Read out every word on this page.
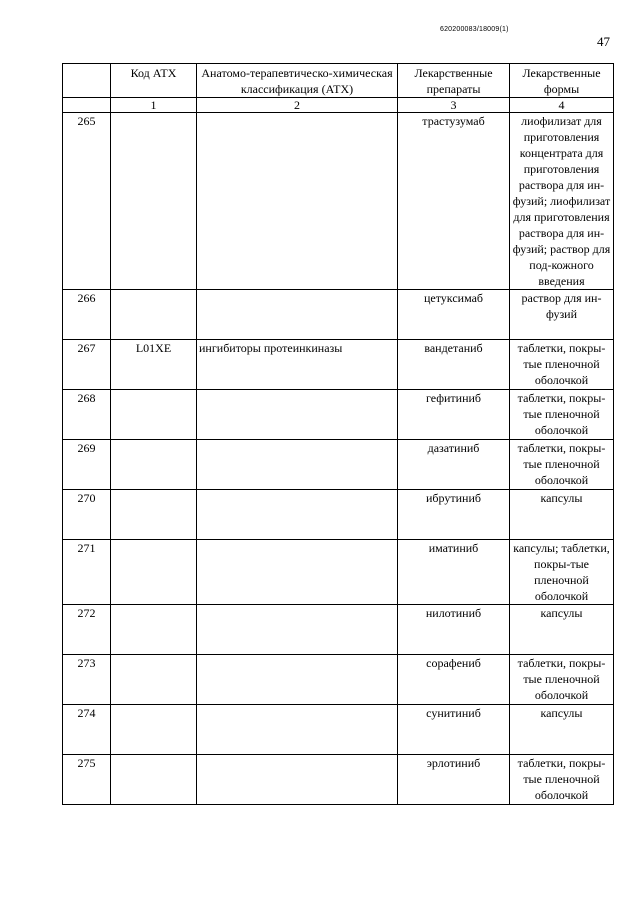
620200083/18009(1)
47
	Код АТХ	Анатомо-терапевтическо-химическая классификация (АТХ)	Лекарственные препараты	Лекарственные формы
	1	2	3	4
265			трастузумаб	лиофилизат для приготовления концентрата для приготовления раствора для ин-фузий; лиофилизат для приготовления раствора для ин-фузий; раствор для под-кожного введения
266			цетуксимаб	раствор для ин-фузий
267	L01XE	ингибиторы протеинкиназы	вандетаниб	таблетки, покры-тые пленочной оболочкой
268			гефитиниб	таблетки, покры-тые пленочной оболочкой
269			дазатиниб	таблетки, покры-тые пленочной оболочкой
270			ибрутиниб	капсулы
271			иматиниб	капсулы; таблетки, покры-тые пленочной оболочкой
272			нилотиниб	капсулы
273			сорафениб	таблетки, покры-тые пленочной оболочкой
274			сунитиниб	капсулы
275			эрлотиниб	таблетки, покры-тые пленочной оболочкой
